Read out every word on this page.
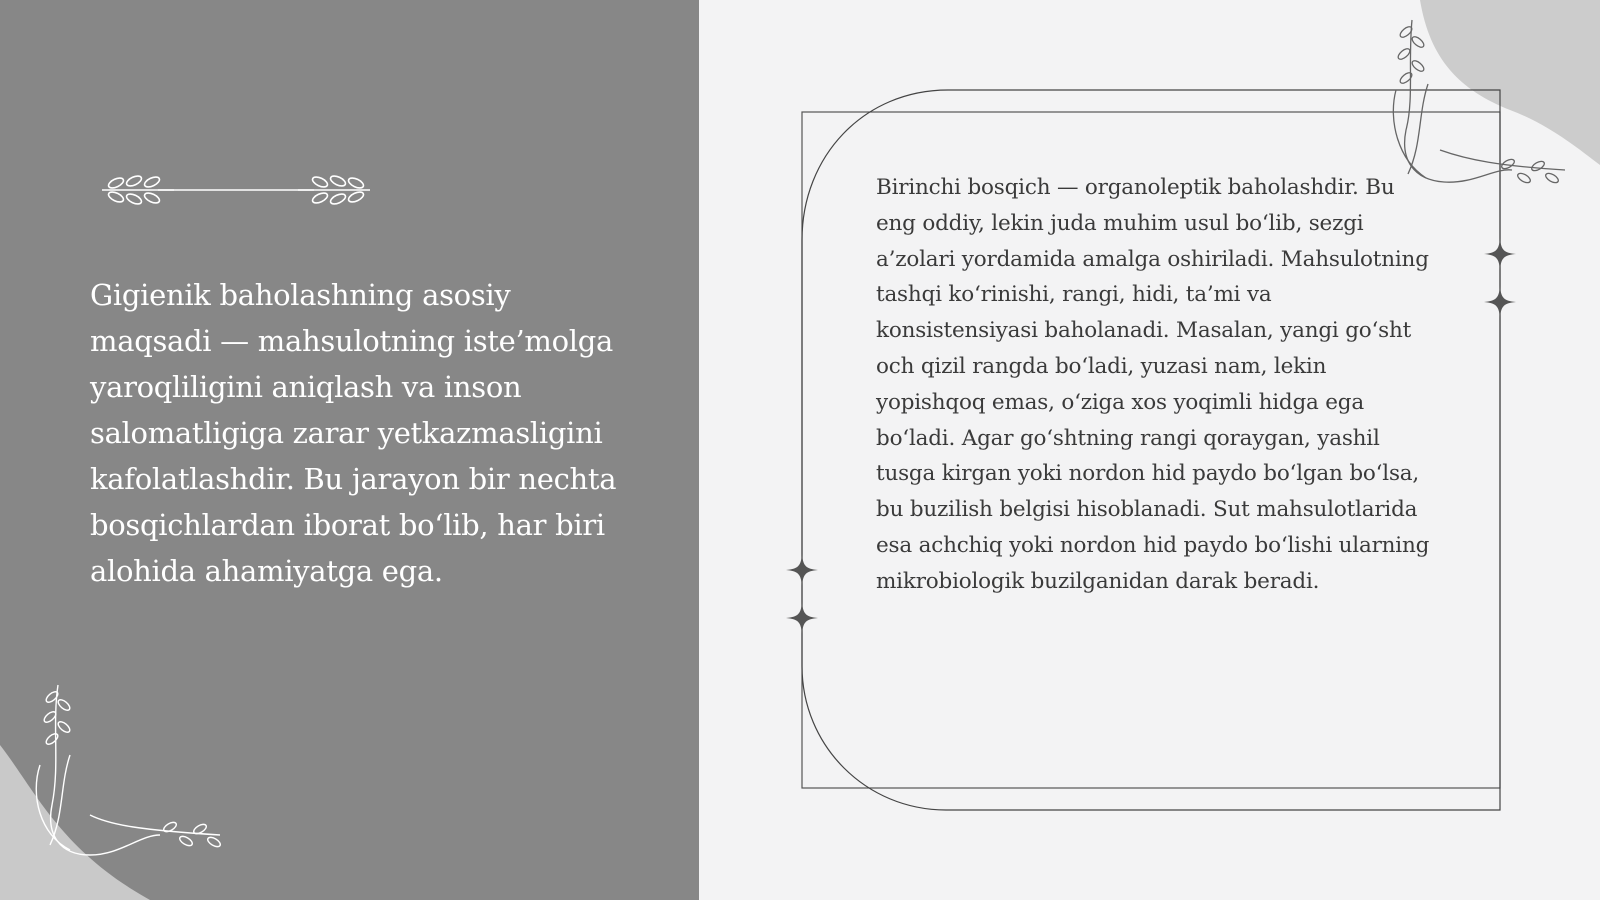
Gigienik baholashning asosiy maqsadi — mahsulotning iste’molga yaroqliligini aniqlash va inson salomatligiga zarar yetkazmasligini kafolatlashdir. Bu jarayon bir nechta bosqichlardan iborat bo‘lib, har biri alohida ahamiyatga ega.

Birinchi bosqich — organoleptik baholashdir. Bu eng oddiy, lekin juda muhim usul bo‘lib, sezgi a’zolari yordamida amalga oshiriladi. Mahsulotning tashqi ko‘rinishi, rangi, hidi, ta’mi va konsistensiyasi baholanadi. Masalan, yangi go‘sht och qizil rangda bo‘ladi, yuzasi nam, lekin yopishqoq emas, o‘ziga xos yoqimli hidga ega bo‘ladi. Agar go‘shtning rangi qoraygan, yashil tusga kirgan yoki nordon hid paydo bo‘lgan bo‘lsa, bu buzilish belgisi hisoblanadi. Sut mahsulotlarida esa achchiq yoki nordon hid paydo bo‘lishi ularning mikrobiologik buzilganidan darak beradi.
